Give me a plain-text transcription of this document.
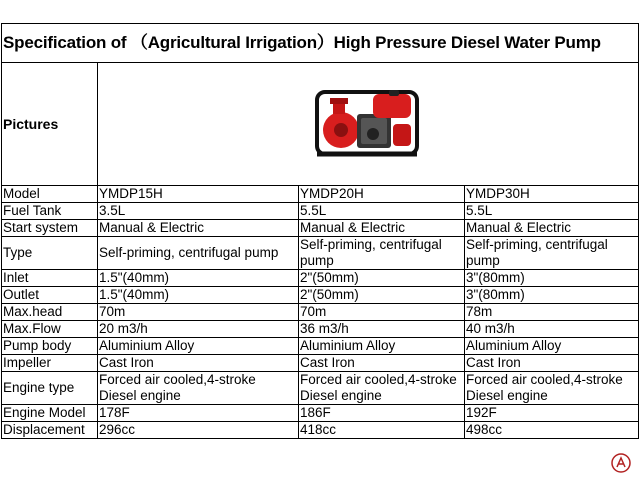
Specification of （Agricultural Irrigation）High Pressure Diesel Water Pump			
Pictures	

Model	YMDP15H	YMDP20H	YMDP30H
Fuel Tank	3.5L	5.5L	5.5L
Start system	Manual & Electric	Manual & Electric	Manual & Electric
Type	Self-priming, centrifugal pump	Self-priming, centrifugal pump	Self-priming, centrifugal pump
Inlet	1.5"(40mm)	2"(50mm)	3"(80mm)
Outlet	1.5"(40mm)	2"(50mm)	3"(80mm)
Max.head	70m	70m	78m
Max.Flow	20 m3/h	36 m3/h	40 m3/h
Pump body	Aluminium Alloy	Aluminium Alloy	Aluminium Alloy
Impeller	Cast Iron	Cast Iron	Cast Iron
Engine type	Forced air cooled,4-stroke Diesel engine	Forced air cooled,4-stroke Diesel engine	Forced air cooled,4-stroke Diesel engine
Engine Model	178F	186F	192F
Displacement	296cc	418cc	498cc
